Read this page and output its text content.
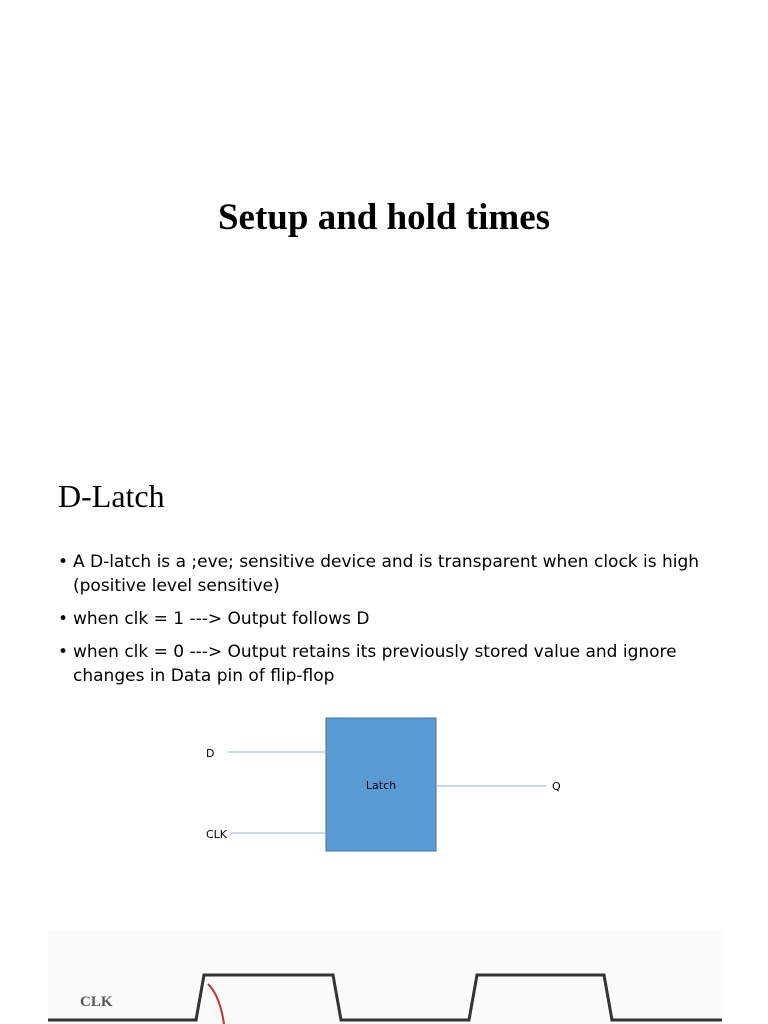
Setup and hold times
D-Latch
• A D-latch is a ;eve; sensitive device and is transparent when clock is high (positive level sensitive)
• when clk = 1 ---> Output follows D
• when clk = 0 ---> Output retains its previously stored value and ignore changes in Data pin of flip-flop
D
CLK
Q
Latch
CLK
